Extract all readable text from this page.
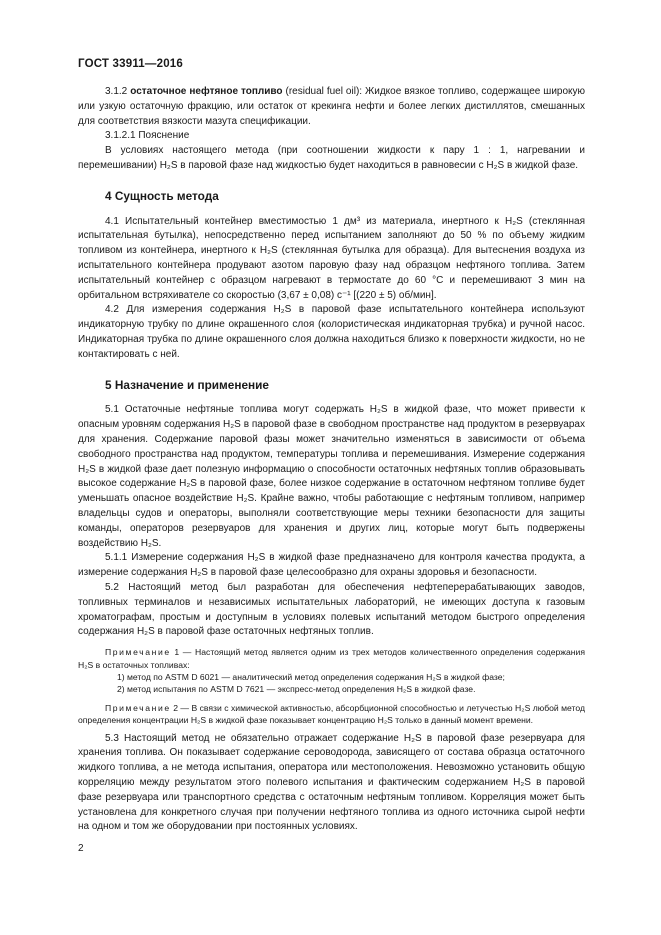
ГОСТ 33911—2016

3.1.2 остаточное нефтяное топливо (residual fuel oil): Жидкое вязкое топливо, содержащее широкую или узкую остаточную фракцию, или остаток от крекинга нефти и более легких дистиллятов, смешанных для соответствия вязкости мазута спецификации.

3.1.2.1 Пояснение

В условиях настоящего метода (при соотношении жидкости к пару 1 : 1, нагревании и перемешивании) H₂S в паровой фазе над жидкостью будет находиться в равновесии с H₂S в жидкой фазе.

4 Сущность метода

4.1 Испытательный контейнер вместимостью 1 дм³ из материала, инертного к H₂S (стеклянная испытательная бутылка), непосредственно перед испытанием заполняют до 50 % по объему жидким топливом из контейнера, инертного к H₂S (стеклянная бутылка для образца). Для вытеснения воздуха из испытательного контейнера продувают азотом паровую фазу над образцом нефтяного топлива. Затем испытательный контейнер с образцом нагревают в термостате до 60 °С и перемешивают 3 мин на орбитальном встряхивателе со скоростью (3,67 ± 0,08) с⁻¹ [(220 ± 5) об/мин].

4.2 Для измерения содержания H₂S в паровой фазе испытательного контейнера используют индикаторную трубку по длине окрашенного слоя (колористическая индикаторная трубка) и ручной насос. Индикаторная трубка по длине окрашенного слоя должна находиться близко к поверхности жидкости, но не контактировать с ней.

5 Назначение и применение

5.1 Остаточные нефтяные топлива могут содержать H₂S в жидкой фазе, что может привести к опасным уровням содержания H₂S в паровой фазе в свободном пространстве над продуктом в резервуарах для хранения. Содержание паровой фазы может значительно изменяться в зависимости от объема свободного пространства над продуктом, температуры топлива и перемешивания. Измерение содержания H₂S в жидкой фазе дает полезную информацию о способности остаточных нефтяных топлив образовывать высокое содержание H₂S в паровой фазе, более низкое содержание в остаточном нефтяном топливе будет уменьшать опасное воздействие H₂S. Крайне важно, чтобы работающие с нефтяным топливом, например владельцы судов и операторы, выполняли соответствующие меры техники безопасности для защиты команды, операторов резервуаров для хранения и других лиц, которые могут быть подвержены воздействию H₂S.

5.1.1 Измерение содержания H₂S в жидкой фазе предназначено для контроля качества продукта, а измерение содержания H₂S в паровой фазе целесообразно для охраны здоровья и безопасности.

5.2 Настоящий метод был разработан для обеспечения нефтеперерабатывающих заводов, топливных терминалов и независимых испытательных лабораторий, не имеющих доступа к газовым хроматографам, простым и доступным в условиях полевых испытаний методом быстрого определения содержания H₂S в паровой фазе остаточных нефтяных топлив.

Примечание 1 — Настоящий метод является одним из трех методов количественного определения содержания H₂S в остаточных топливах:

1) метод по ASTM D 6021 — аналитический метод определения содержания H₂S в жидкой фазе;

2) метод испытания по ASTM D 7621 — экспресс-метод определения H₂S в жидкой фазе.

Примечание 2 — В связи с химической активностью, абсорбционной способностью и летучестью H₂S любой метод определения концентрации H₂S в жидкой фазе показывает концентрацию H₂S только в данный момент времени.

5.3 Настоящий метод не обязательно отражает содержание H₂S в паровой фазе резервуара для хранения топлива. Он показывает содержание сероводорода, зависящего от состава образца остаточного жидкого топлива, а не метода испытания, оператора или местоположения. Невозможно установить общую корреляцию между результатом этого полевого испытания и фактическим содержанием H₂S в паровой фазе резервуара или транспортного средства с остаточным нефтяным топливом. Корреляция может быть установлена для конкретного случая при получении нефтяного топлива из одного источника сырой нефти на одном и том же оборудовании при постоянных условиях.

2
